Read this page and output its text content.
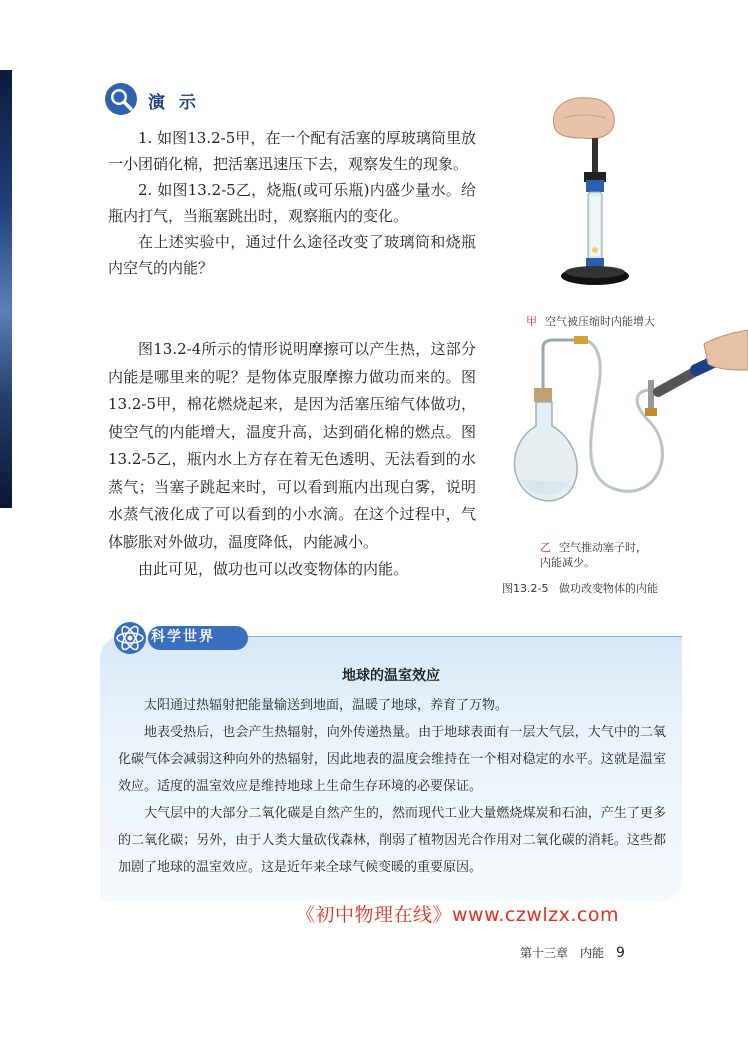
演 示

1. 如图13.2-5甲，在一个配有活塞的厚玻璃筒里放一小团硝化棉，把活塞迅速压下去，观察发生的现象。

2. 如图13.2-5乙，烧瓶(或可乐瓶)内盛少量水。给瓶内打气，当瓶塞跳出时，观察瓶内的变化。

在上述实验中，通过什么途径改变了玻璃筒和烧瓶内空气的内能？

图13.2-4所示的情形说明摩擦可以产生热，这部分内能是哪里来的呢？是物体克服摩擦力做功而来的。图13.2-5甲，棉花燃烧起来，是因为活塞压缩气体做功，使空气的内能增大，温度升高，达到硝化棉的燃点。图13.2-5乙，瓶内水上方存在着无色透明、无法看到的水蒸气；当塞子跳起来时，可以看到瓶内出现白雾，说明水蒸气液化成了可以看到的小水滴。在这个过程中，气体膨胀对外做功，温度降低，内能减小。

由此可见，做功也可以改变物体的内能。

甲 空气被压缩时内能增大
乙 空气推动塞子时，内能减少。
图13.2-5 做功改变物体的内能
科学世界
地球的温室效应

太阳通过热辐射把能量输送到地面，温暖了地球，养育了万物。

地表受热后，也会产生热辐射，向外传递热量。由于地球表面有一层大气层，大气中的二氧化碳气体会减弱这种向外的热辐射，因此地表的温度会维持在一个相对稳定的水平。这就是温室效应。适度的温室效应是维持地球上生命生存环境的必要保证。

大气层中的大部分二氧化碳是自然产生的，然而现代工业大量燃烧煤炭和石油，产生了更多的二氧化碳；另外，由于人类大量砍伐森林，削弱了植物因光合作用对二氧化碳的消耗。这些都加剧了地球的温室效应。这是近年来全球气候变暖的重要原因。

《初中物理在线》www.czwlzx.com
第十三章　内能 9
